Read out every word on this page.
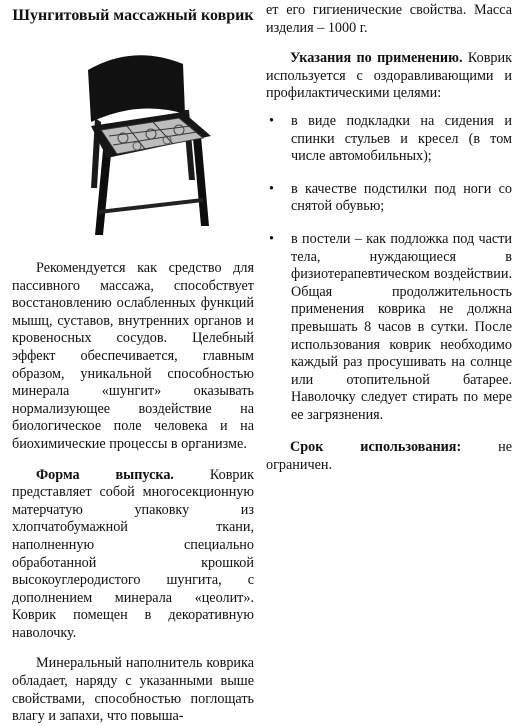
Шунгитовый массажный коврик

Рекомендуется как средство для пассивного массажа, способствует восстановлению ослабленных функций мышц, суставов, внутренних органов и кровеносных сосудов. Целебный эффект обеспечивается, главным образом, уникальной способностью минерала «шунгит» оказывать нормализующее воздействие на биологическое поле человека и на биохимические процессы в организме.

Форма выпуска.	Коврик представляет собой многосекционную матерчатую упаковку из хлопчатобумажной ткани, наполненную специально обработанной крошкой высокоуглеродистого шунгита, с дополнением минерала «цеолит». Коврик помещен в декоративную наволочку.

Минеральный наполнитель коврика обладает, наряду с указанными выше свойствами, способностью поглощать влагу и запахи, что повыша-

ет его гигиенические свойства. Масса изделия – 1000 г.

Указания по применению. Коврик используется с оздоравливающими и профилактическими целями:

• в виде подкладки на сидения и спинки стульев и кресел (в том числе автомобильных);
• в качестве подстилки под ноги со снятой обувью;
• в постели – как подложка под части тела, нуждающиеся в физиотерапевтическом воздействии. Общая продолжительность применения коврика не должна превышать 8 часов в сутки. После использования коврик необходимо каждый раз просушивать на солнце или отопительной батарее. Наволочку следует стирать по мере ее загрязнения.

Срок использования:	не ограничен.
